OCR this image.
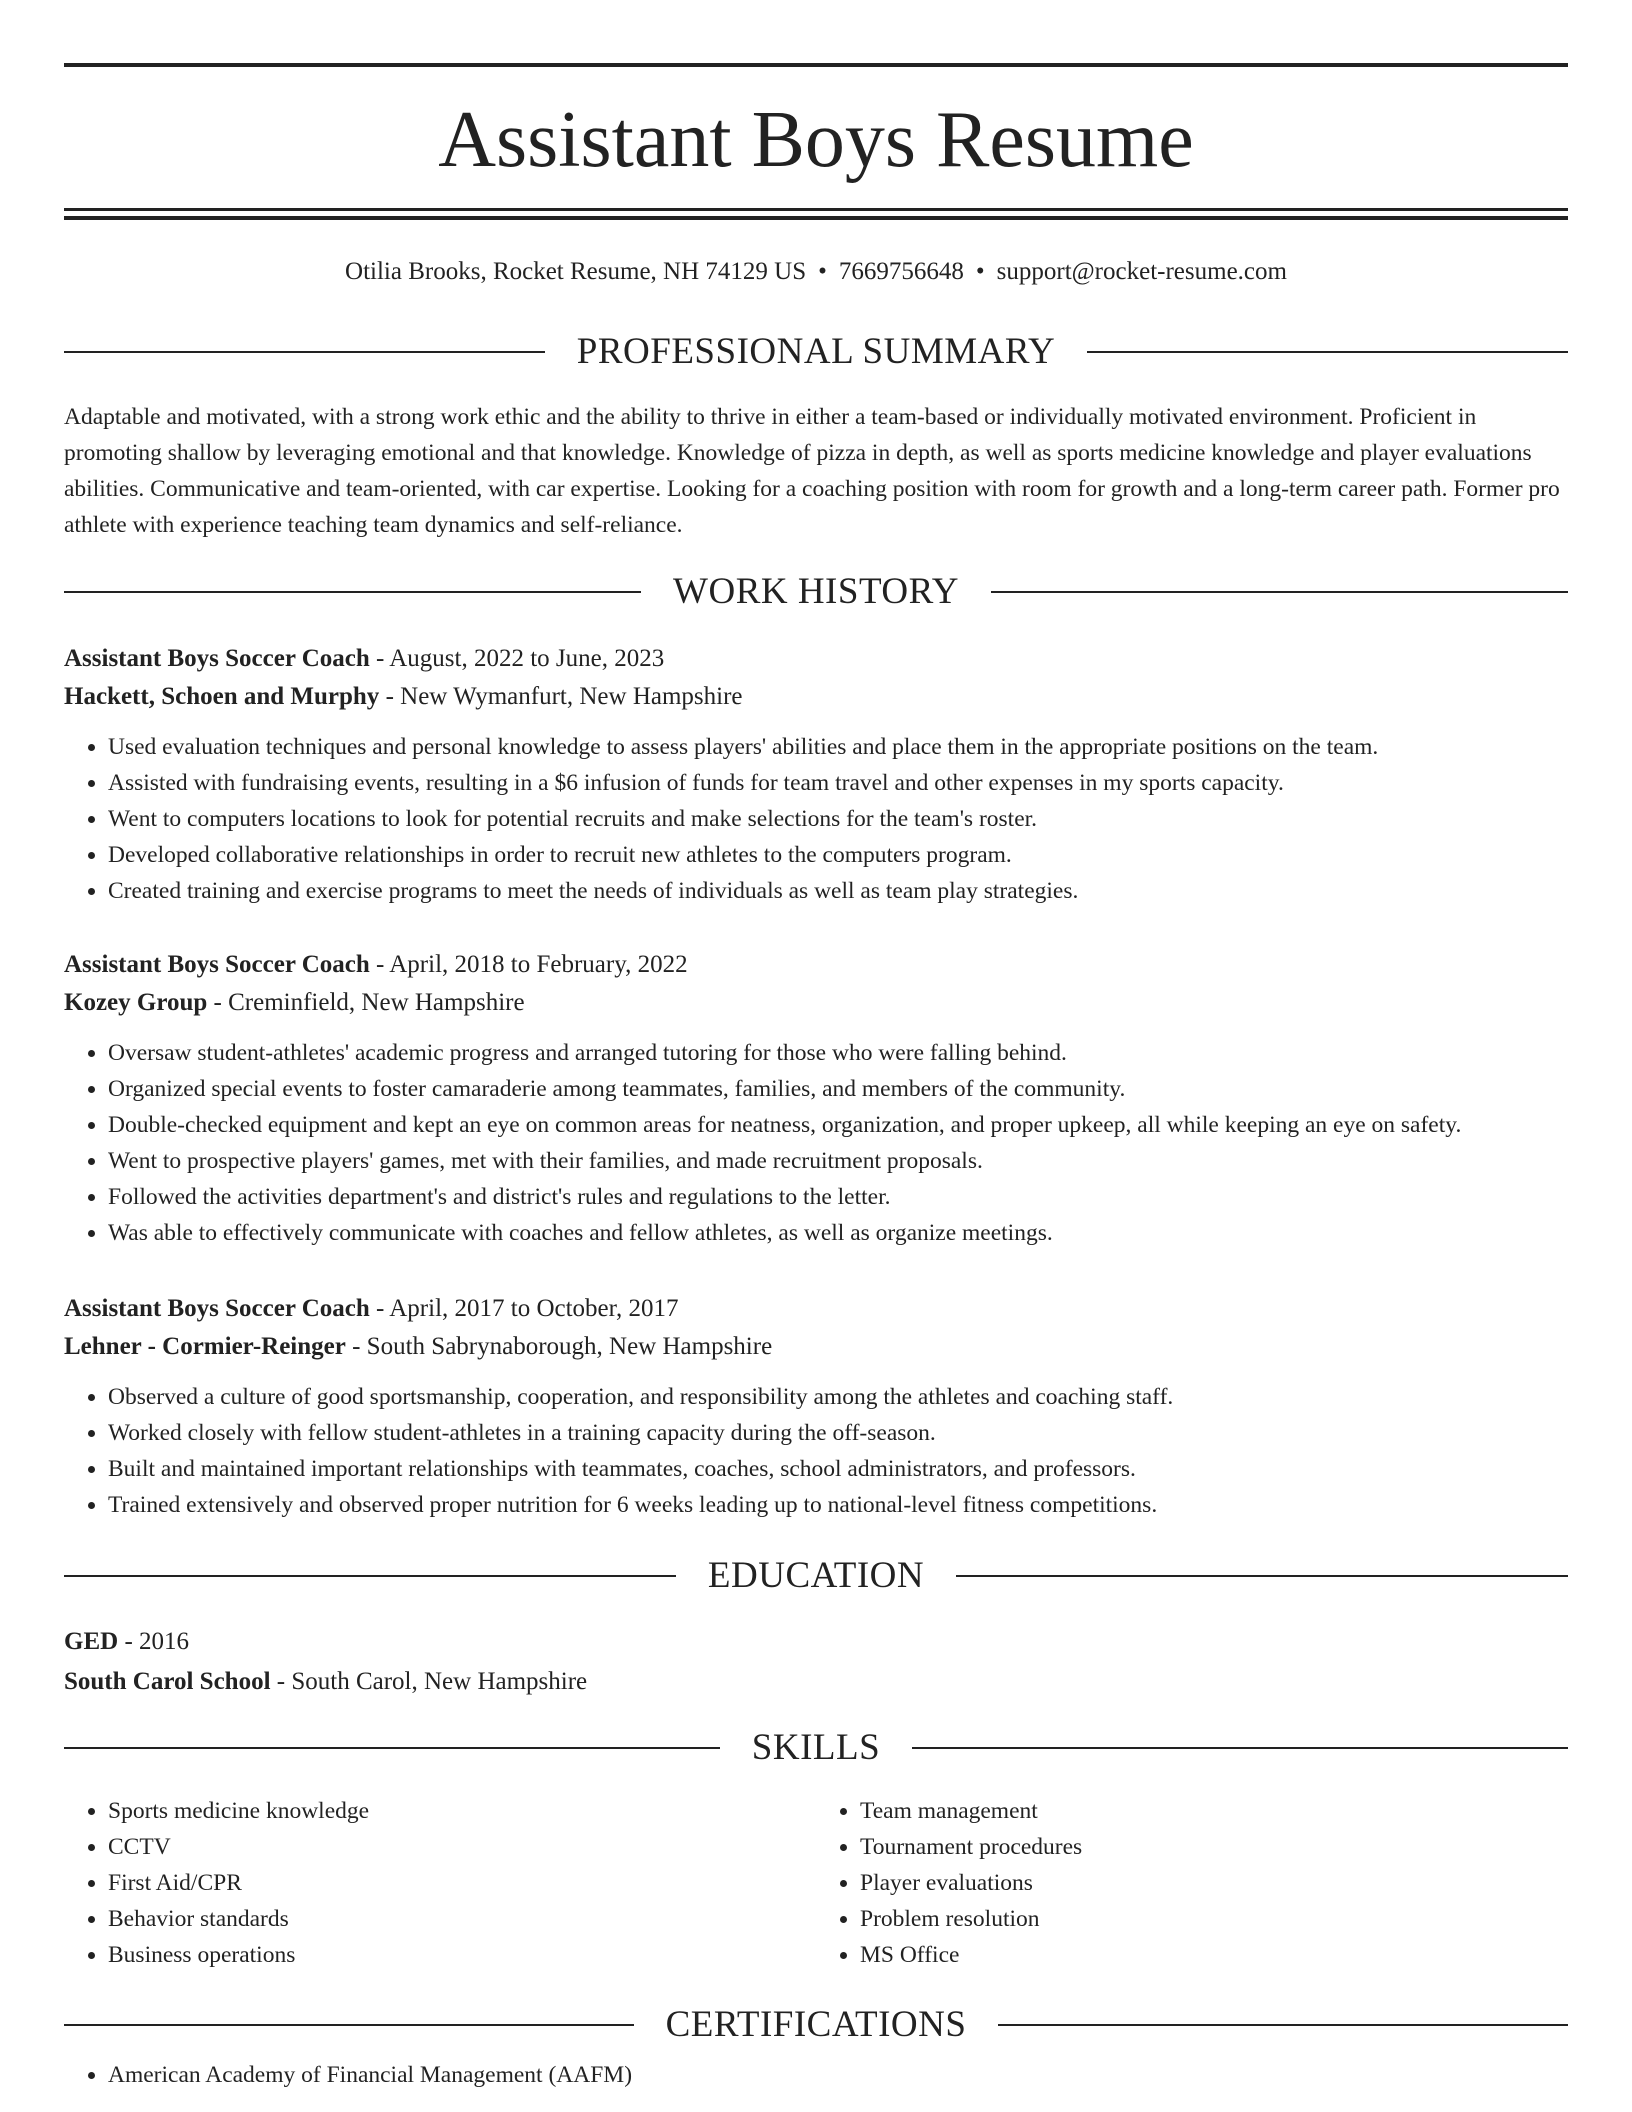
Assistant Boys Resume
Otilia Brooks, Rocket Resume, NH 74129 US • 7669756648 • support@rocket-resume.com
PROFESSIONAL SUMMARY
Adaptable and motivated, with a strong work ethic and the ability to thrive in either a team-based or individually motivated environment. Proficient in promoting shallow by leveraging emotional and that knowledge. Knowledge of pizza in depth, as well as sports medicine knowledge and player evaluations abilities. Communicative and team-oriented, with car expertise. Looking for a coaching position with room for growth and a long-term career path. Former pro athlete with experience teaching team dynamics and self-reliance.
WORK HISTORY
Assistant Boys Soccer Coach - August, 2022 to June, 2023
Hackett, Schoen and Murphy - New Wymanfurt, New Hampshire
• Used evaluation techniques and personal knowledge to assess players' abilities and place them in the appropriate positions on the team.
• Assisted with fundraising events, resulting in a $6 infusion of funds for team travel and other expenses in my sports capacity.
• Went to computers locations to look for potential recruits and make selections for the team's roster.
• Developed collaborative relationships in order to recruit new athletes to the computers program.
• Created training and exercise programs to meet the needs of individuals as well as team play strategies.
Assistant Boys Soccer Coach - April, 2018 to February, 2022
Kozey Group - Creminfield, New Hampshire
• Oversaw student-athletes' academic progress and arranged tutoring for those who were falling behind.
• Organized special events to foster camaraderie among teammates, families, and members of the community.
• Double-checked equipment and kept an eye on common areas for neatness, organization, and proper upkeep, all while keeping an eye on safety.
• Went to prospective players' games, met with their families, and made recruitment proposals.
• Followed the activities department's and district's rules and regulations to the letter.
• Was able to effectively communicate with coaches and fellow athletes, as well as organize meetings.
Assistant Boys Soccer Coach - April, 2017 to October, 2017
Lehner - Cormier-Reinger - South Sabrynaborough, New Hampshire
• Observed a culture of good sportsmanship, cooperation, and responsibility among the athletes and coaching staff.
• Worked closely with fellow student-athletes in a training capacity during the off-season.
• Built and maintained important relationships with teammates, coaches, school administrators, and professors.
• Trained extensively and observed proper nutrition for 6 weeks leading up to national-level fitness competitions.
EDUCATION
GED - 2016
South Carol School - South Carol, New Hampshire
SKILLS
• Sports medicine knowledge
• CCTV
• First Aid/CPR
• Behavior standards
• Business operations
• Team management
• Tournament procedures
• Player evaluations
• Problem resolution
• MS Office
CERTIFICATIONS
• American Academy of Financial Management (AAFM)
